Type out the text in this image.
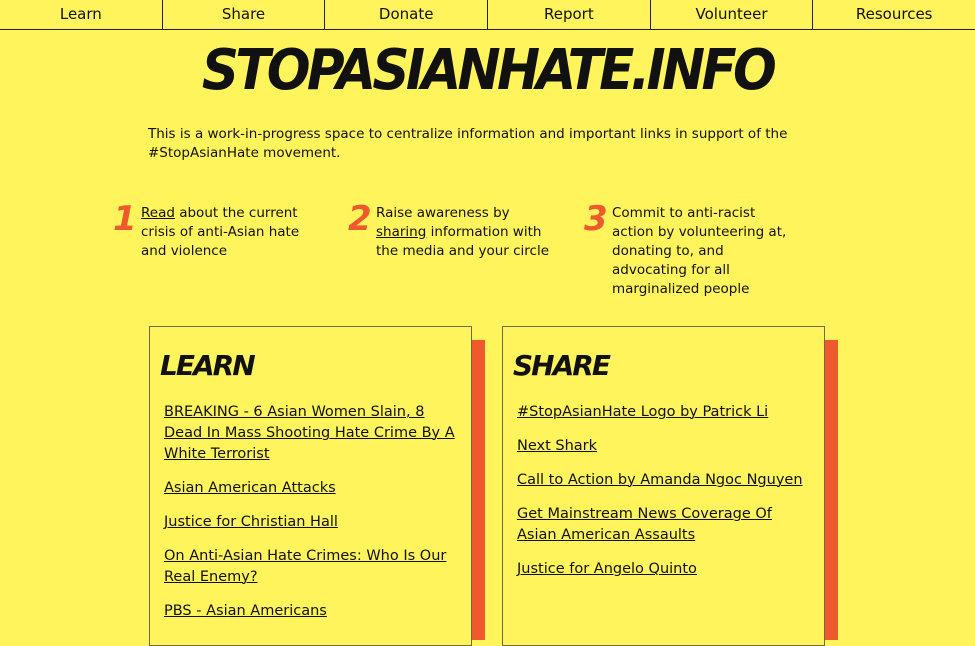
Learn	Share	Donate	Report	Volunteer	Resources
STOPASIANHATE.INFO
This is a work-in-progress space to centralize information and important links in support of the #StopAsianHate movement.
1 Read about the current crisis of anti-Asian hate and violence
2 Raise awareness by sharing information with the media and your circle
3 Commit to anti-racist action by volunteering at, donating to, and advocating for all marginalized people
LEARN
BREAKING - 6 Asian Women Slain, 8 Dead In Mass Shooting Hate Crime By A White Terrorist
Asian American Attacks
Justice for Christian Hall
On Anti-Asian Hate Crimes: Who Is Our Real Enemy?
PBS - Asian Americans
SHARE
#StopAsianHate Logo by Patrick Li
Next Shark
Call to Action by Amanda Ngoc Nguyen
Get Mainstream News Coverage Of Asian American Assaults
Justice for Angelo Quinto
